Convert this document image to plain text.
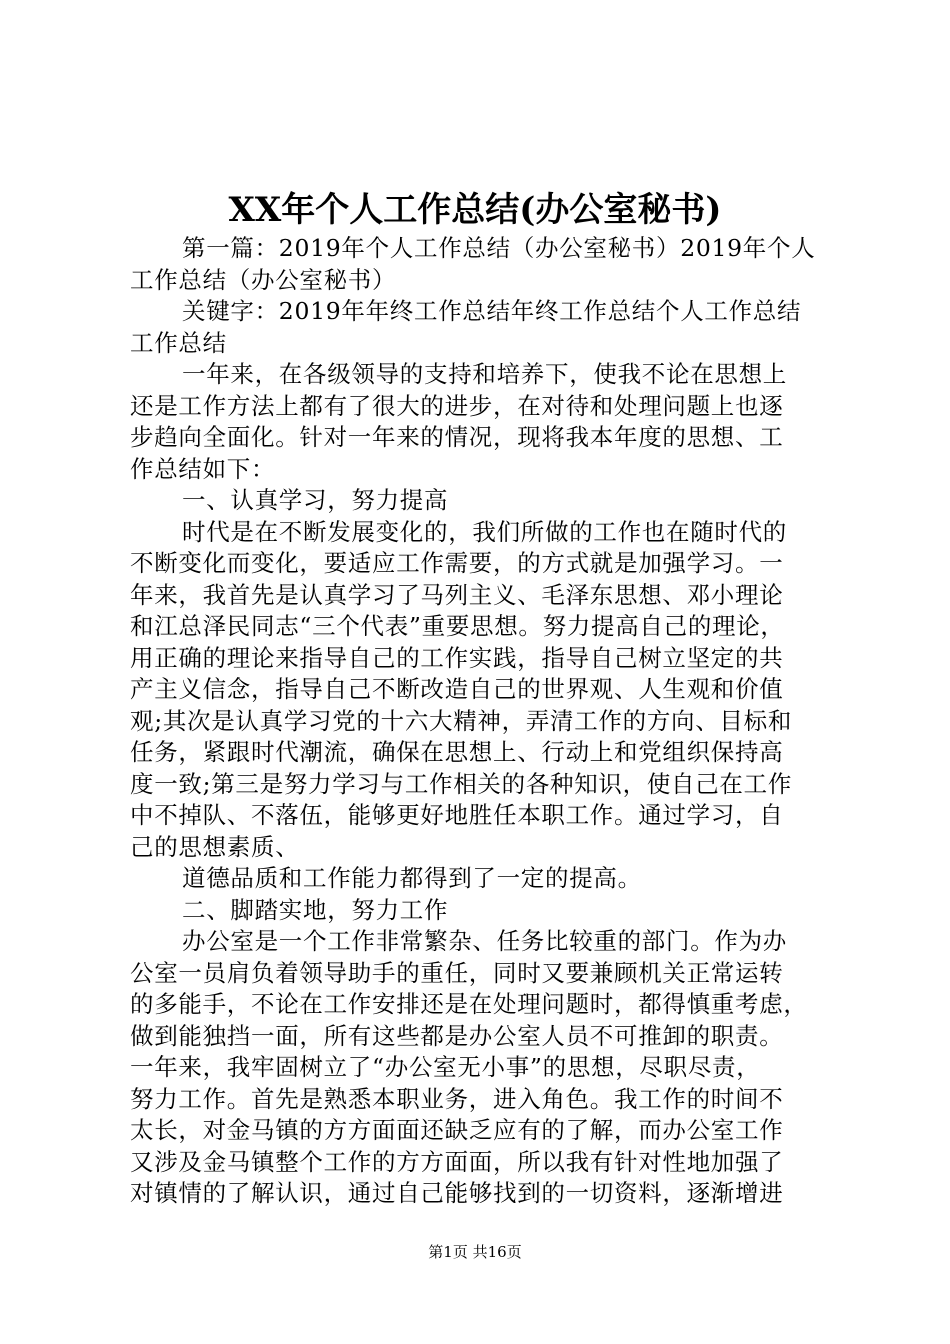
XX年个人工作总结(办公室秘书)
第一篇：2019年个人工作总结（办公室秘书）2019年个人
工作总结（办公室秘书）
关键字：2019年年终工作总结年终工作总结个人工作总结
工作总结
一年来，在各级领导的支持和培养下，使我不论在思想上
还是工作方法上都有了很大的进步，在对待和处理问题上也逐
步趋向全面化。针对一年来的情况，现将我本年度的思想、工
作总结如下：
一、认真学习，努力提高
时代是在不断发展变化的，我们所做的工作也在随时代的
不断变化而变化，要适应工作需要，的方式就是加强学习。一
年来，我首先是认真学习了马列主义、毛泽东思想、邓小理论
和江总泽民同志“三个代表”重要思想。努力提高自己的理论，
用正确的理论来指导自己的工作实践，指导自己树立坚定的共
产主义信念，指导自己不断改造自己的世界观、人生观和价值
观;其次是认真学习党的十六大精神，弄清工作的方向、目标和
任务，紧跟时代潮流，确保在思想上、行动上和党组织保持高
度一致;第三是努力学习与工作相关的各种知识，使自己在工作
中不掉队、不落伍，能够更好地胜任本职工作。通过学习，自
己的思想素质、
道德品质和工作能力都得到了一定的提高。
二、脚踏实地，努力工作
办公室是一个工作非常繁杂、任务比较重的部门。作为办
公室一员肩负着领导助手的重任，同时又要兼顾机关正常运转
的多能手，不论在工作安排还是在处理问题时，都得慎重考虑，
做到能独挡一面，所有这些都是办公室人员不可推卸的职责。
一年来，我牢固树立了“办公室无小事”的思想，尽职尽责，
努力工作。首先是熟悉本职业务，进入角色。我工作的时间不
太长，对金马镇的方方面面还缺乏应有的了解，而办公室工作
又涉及金马镇整个工作的方方面面，所以我有针对性地加强了
对镇情的了解认识，通过自己能够找到的一切资料，逐渐增进
第1页 共16页
